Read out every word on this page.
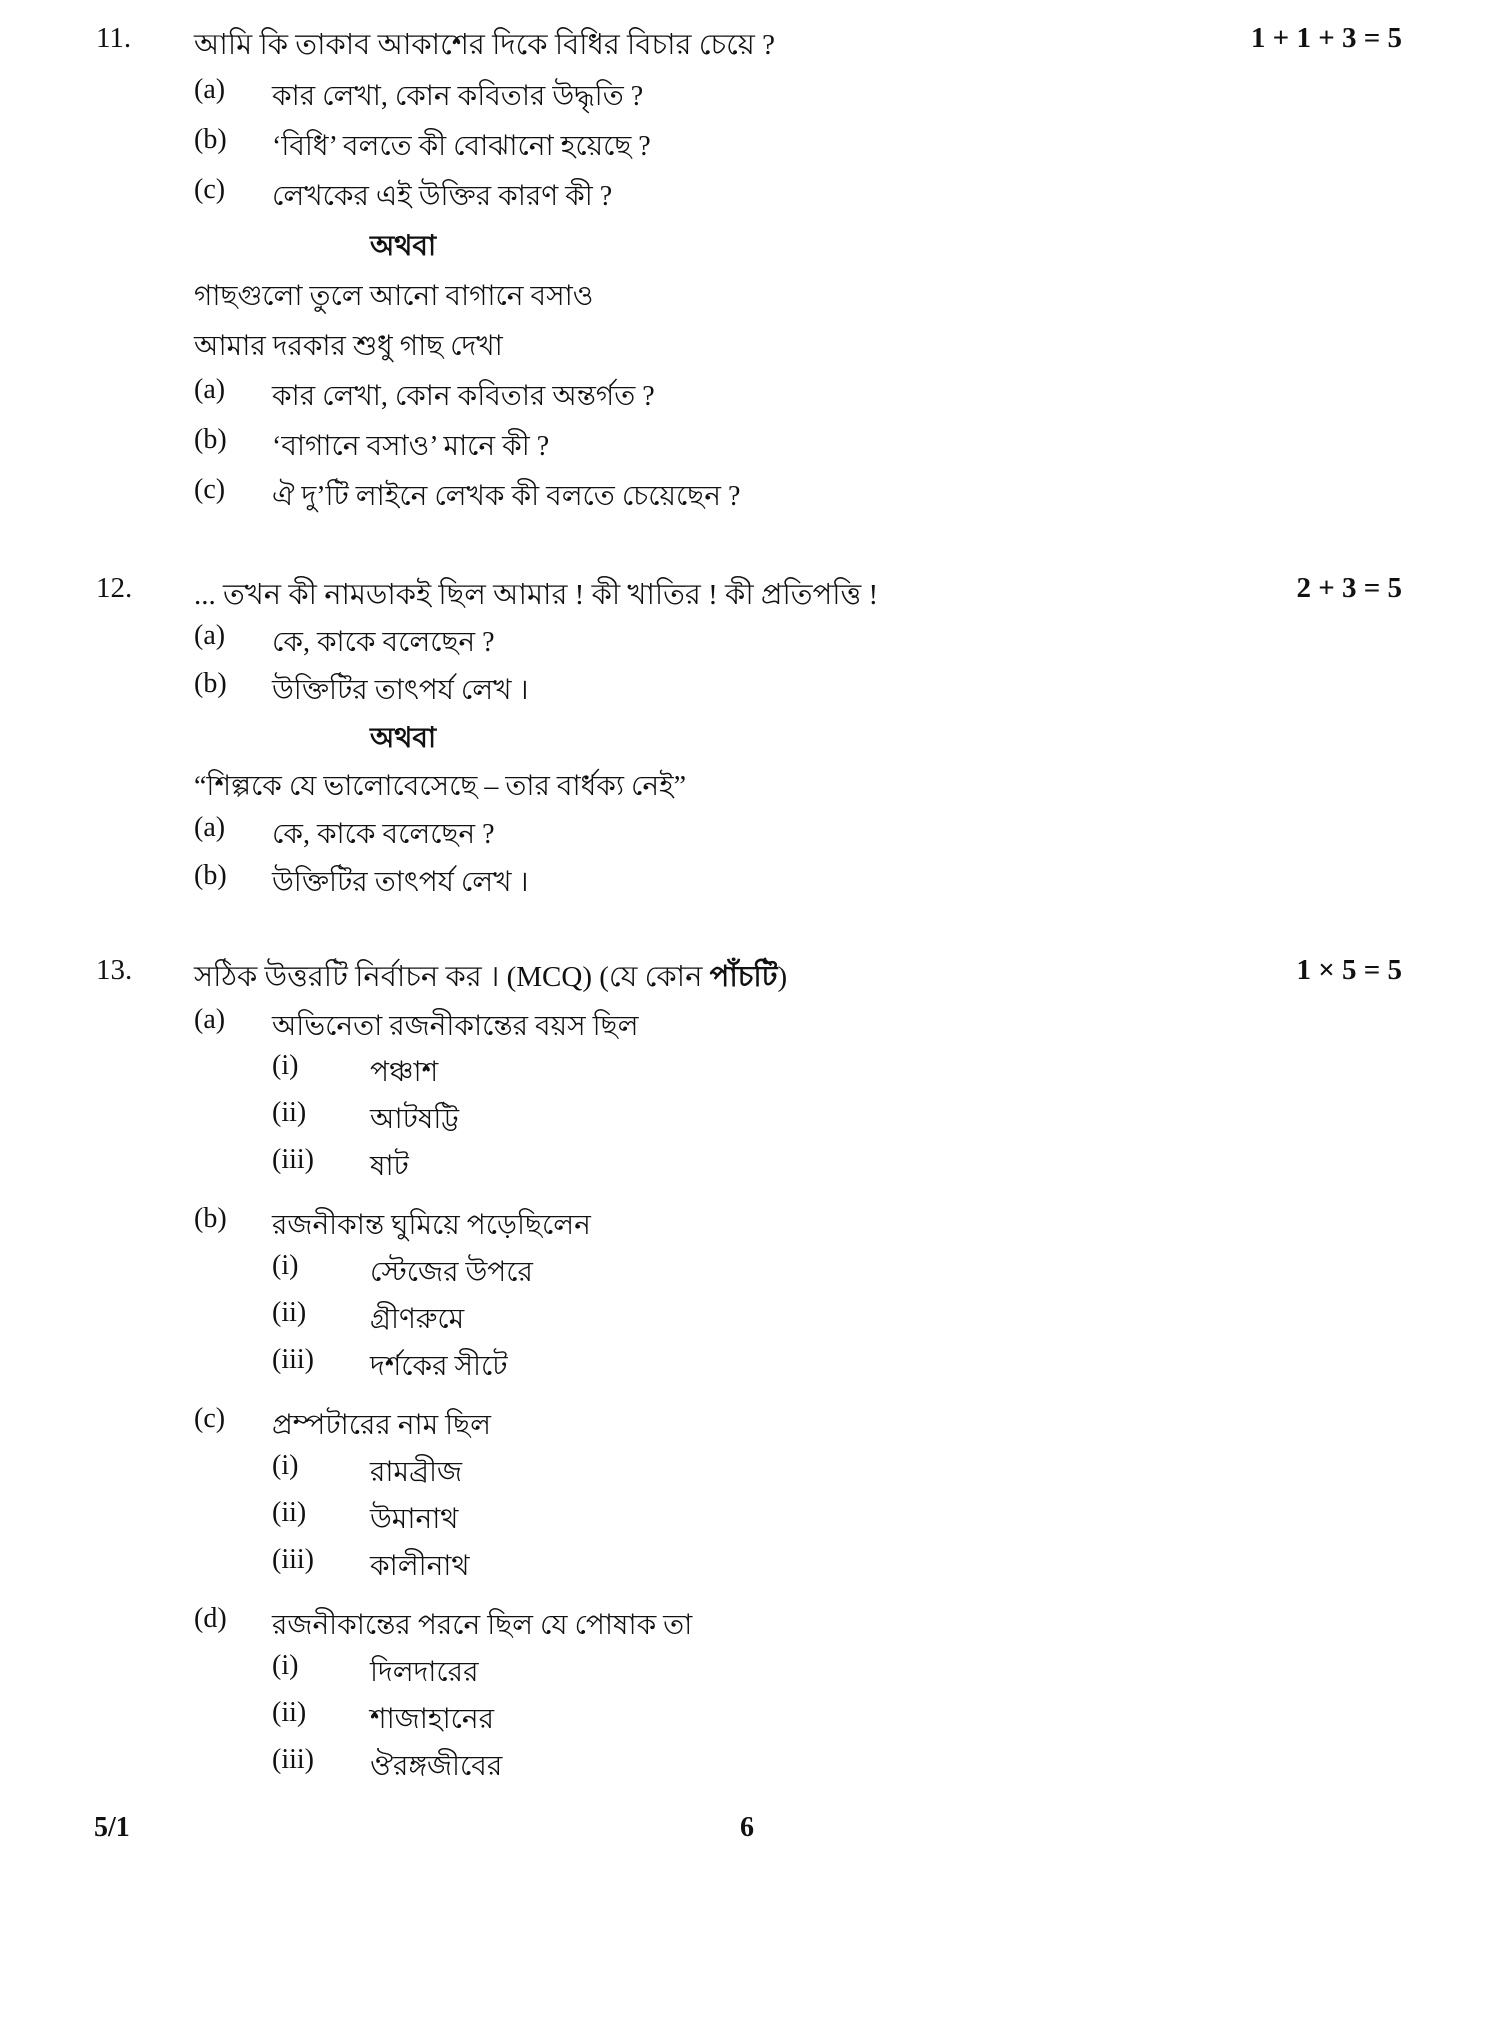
11. আমি কি তাকাব আকাশের দিকে বিধির বিচার চেয়ে ?	1 + 1 + 3 = 5
(a) কার লেখা, কোন কবিতার উদ্ধৃতি ?
(b) ‘বিধি’ বলতে কী বোঝানো হয়েছে ?
(c) লেখকের এই উক্তির কারণ কী ?
অথবা
গাছগুলো তুলে আনো বাগানে বসাও
আমার দরকার শুধু গাছ দেখা
(a) কার লেখা, কোন কবিতার অন্তর্গত ?
(b) ‘বাগানে বসাও’ মানে কী ?
(c) ঐ দু’টি লাইনে লেখক কী বলতে চেয়েছেন ?
12. ... তখন কী নামডাকই ছিল আমার ! কী খাতির ! কী প্রতিপত্তি !	2 + 3 = 5
(a) কে, কাকে বলেছেন ?
(b) উক্তিটির তাৎপর্য লেখ ।
অথবা
“শিল্পকে যে ভালোবেসেছে – তার বার্ধক্য নেই”
(a) কে, কাকে বলেছেন ?
(b) উক্তিটির তাৎপর্য লেখ ।
13. সঠিক উত্তরটি নির্বাচন কর । (MCQ) (যে কোন পাঁচটি)	1 × 5 = 5
(a) অভিনেতা রজনীকান্তের বয়স ছিল
(i)	পঞ্চাশ
(ii) আটষট্টি
(iii) ষাট
(b) রজনীকান্ত ঘুমিয়ে পড়েছিলেন
(i)	স্টেজের উপরে
(ii) গ্রীণরুমে
(iii) দর্শকের সীটে
(c) প্রম্পটারের নাম ছিল
(i)	রামব্রীজ
(ii) উমানাথ
(iii) কালীনাথ
(d) রজনীকান্তের পরনে ছিল যে পোষাক তা
(i)	দিলদারের
(ii) শাজাহানের
(iii) ঔরঙ্গজীবের
5/1	6
